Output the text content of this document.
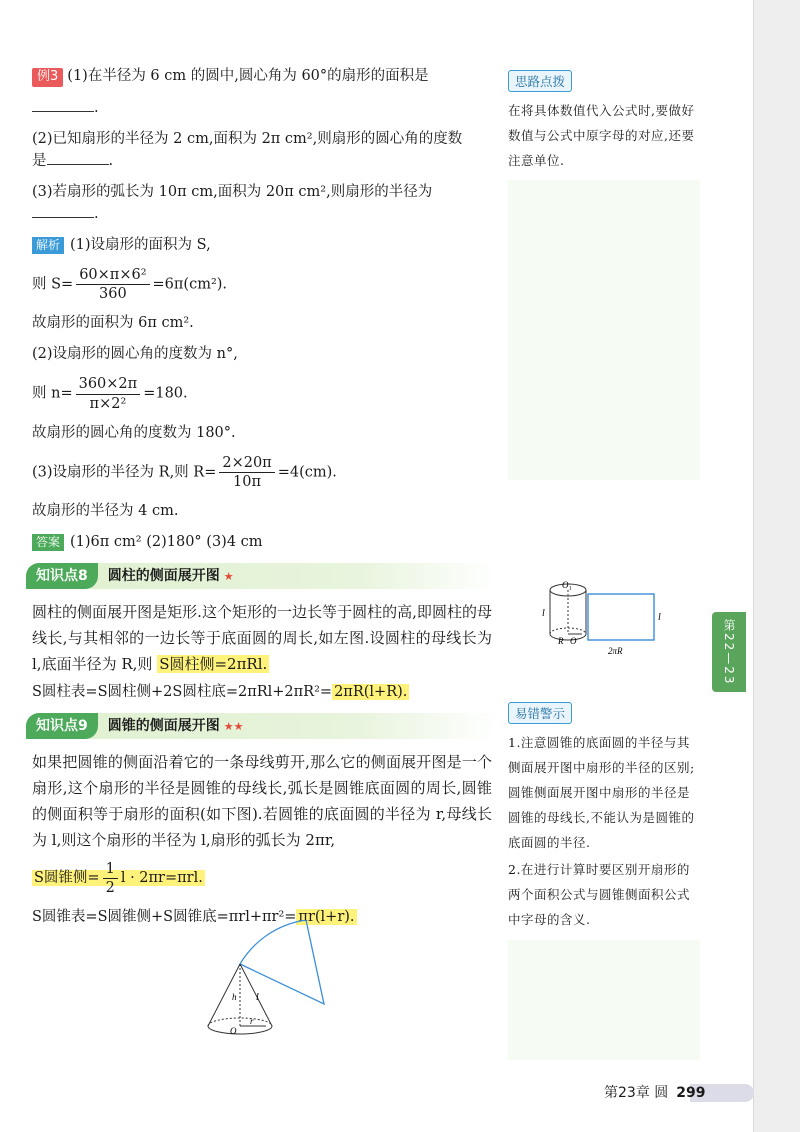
例3 (1)在半径为 6 cm 的圆中,圆心角为 60°的扇形的面积是

.

(2)已知扇形的半径为 2 cm,面积为 2π cm²,则扇形的圆心角的度数
是	.

(3)若扇形的弧长为 10π cm,面积为 20π cm²,则扇形的半径为
.

解析 (1)设扇形的面积为 S,

则 $S= \frac{\text{60×π×6²}}{360} =6\pi(cm^2)$.

故扇形的面积为 6π cm².

(2)设扇形的圆心角的度数为 n°,

则 $n= \frac{360\times 2\pi}{\text{π×2²}} =180$.

故扇形的圆心角的度数为 180°.

(3)设扇形的半径为 R,则 $R= \frac{2\times 20\pi}{10\pi} =4(cm)$.

故扇形的半径为 4 cm.

答案 (1)6π cm² (2)180° (3)4 cm

知识点8 圆柱的侧面展开图 ★
圆柱的侧面展开图是矩形.这个矩形的一边长等于圆柱的高,即圆柱的母线长,与其相邻的一边长等于底面圆的周长,如左图.设圆柱的母线长为 l,底面半径为 R,则 S圆柱侧=2πRl.

S圆柱表=S圆柱侧+2S圆柱底=2πRl+2πR²= 2πR(l+R).

知识点9 圆锥的侧面展开图 ★★
如果把圆锥的侧面沿着它的一条母线剪开,那么它的侧面展开图是一个扇形,这个扇形的半径是圆锥的母线长,弧长是圆锥底面圆的周长,圆锥的侧面积等于扇形的面积(如下图).若圆锥的底面圆的半径为 r,母线长为 l,则这个扇形的半径为 l,扇形的弧长为 2πr,

S圆锥侧= $\frac{1}{2}$ l · 2πr=πrl.

S圆锥表=S圆锥侧+S圆锥底=πrl+πr²= πr(l+r).

O₁
l
R O
l
2πR
h l
O
r
思路点拨
在将具体数值代入公式时,要做好数值与公式中原字母的对应,还要注意单位.
易错警示
1.注意圆锥的底面圆的半径与其侧面展开图中扇形的半径的区别;圆锥侧面展开图中扇形的半径是圆锥的母线长,不能认为是圆锥的底面圆的半径.
2.在进行计算时要区别开扇形的两个面积公式与圆锥侧面积公式中字母的含义.
第22—23章
第23章 圆 299
